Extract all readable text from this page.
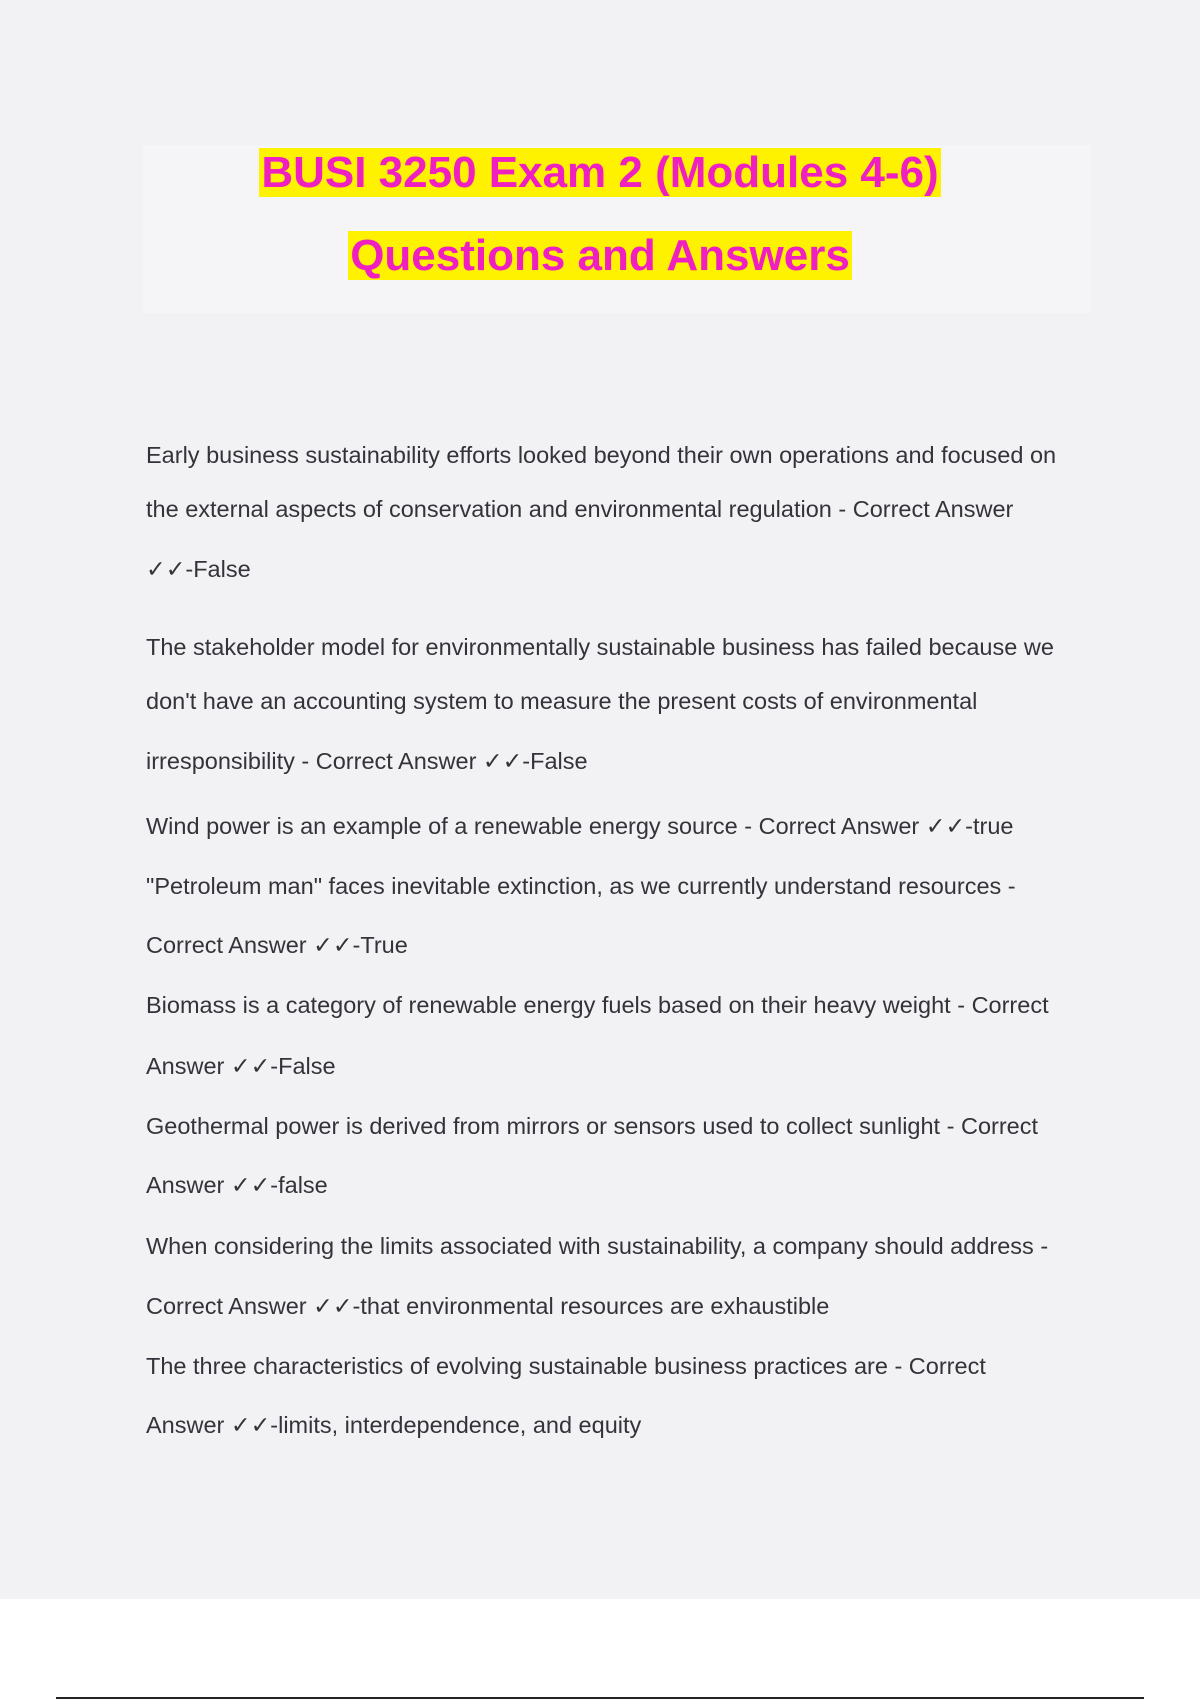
BUSI 3250 Exam 2 (Modules 4-6)
Questions and Answers
Early business sustainability efforts looked beyond their own operations and focused on
the external aspects of conservation and environmental regulation - Correct Answer
✓✓-False
The stakeholder model for environmentally sustainable business has failed because we
don't have an accounting system to measure the present costs of environmental
irresponsibility - Correct Answer ✓✓-False
Wind power is an example of a renewable energy source - Correct Answer ✓✓-true
"Petroleum man" faces inevitable extinction, as we currently understand resources -
Correct Answer ✓✓-True
Biomass is a category of renewable energy fuels based on their heavy weight - Correct
Answer ✓✓-False
Geothermal power is derived from mirrors or sensors used to collect sunlight - Correct
Answer ✓✓-false
When considering the limits associated with sustainability, a company should address -
Correct Answer ✓✓-that environmental resources are exhaustible
The three characteristics of evolving sustainable business practices are - Correct
Answer ✓✓-limits, interdependence, and equity
